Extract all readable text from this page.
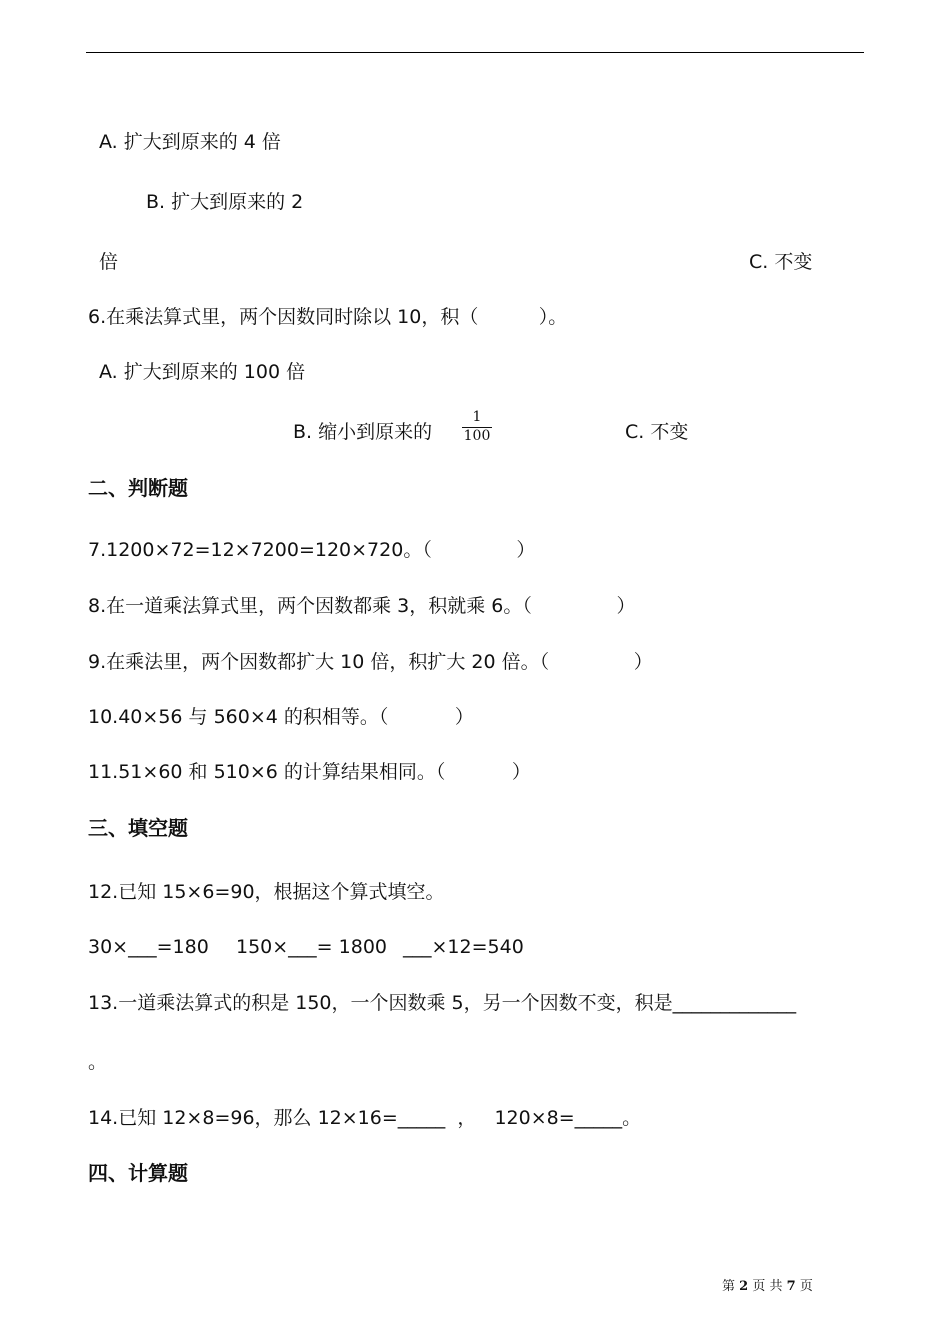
A. 扩大到原来的 4 倍
B. 扩大到原来的 2
倍	C. 不变
6.在乘法算式里，两个因数同时除以 10，积（          ）。
A. 扩大到原来的 100 倍
B. 缩小到原来的 $\frac{1}{100}$	C. 不变
二、判断题
7.1200×72=12×7200=120×720。（              ）
8.在一道乘法算式里，两个因数都乘 3，积就乘 6。（              ）
9.在乘法里，两个因数都扩大 10 倍，积扩大 20 倍。（              ）
10.40×56 与 560×4 的积相等。（           ）
11.51×60 和 510×6 的计算结果相同。（           ）
三、填空题
12.已知 15×6=90，根据这个算式填空。
30×___=180 150×___= 1800 ___×12=540
13.一道乘法算式的积是 150，一个因数乘 5，另一个因数不变，积是_____________
。
14.已知 12×8=96，那么 12×16=_____  ，   120×8=_____。
四、计算题
第 2 页 共 7 页
